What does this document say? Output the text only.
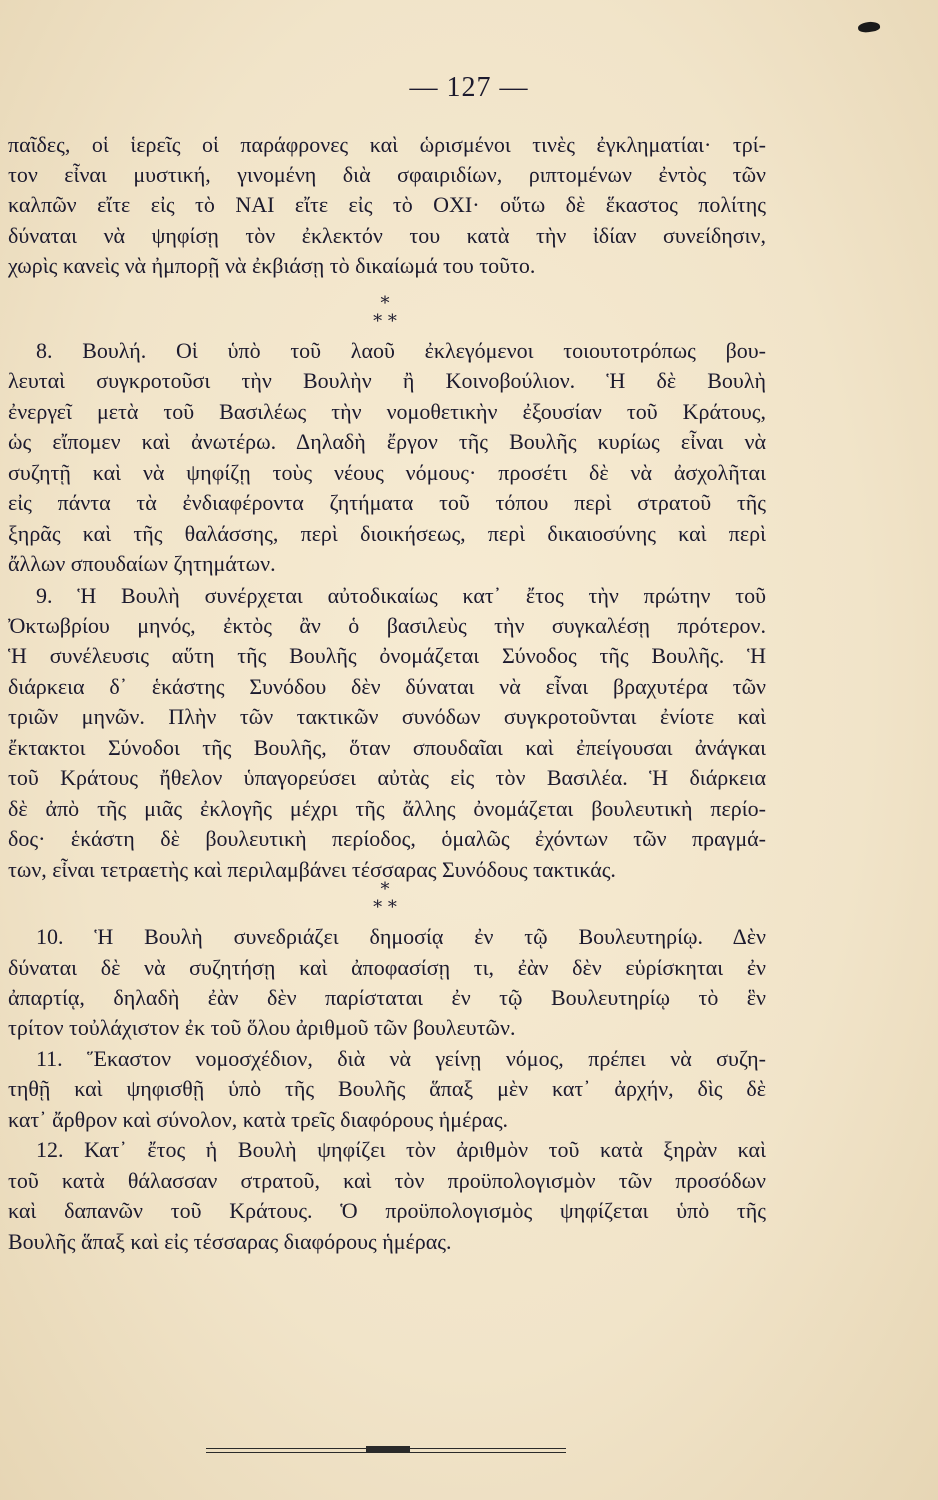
— 127 —
παῖδες, οἱ ἱερεῖς οἱ παράφρονες καὶ ὡρισμένοι τινὲς ἐγκληματίαι· τρί-
τον εἶναι μυστική, γινομένη διὰ σφαιριδίων, ριπτομένων ἐντὸς τῶν
καλπῶν εἴτε εἰς τὸ ΝΑΙ εἴτε εἰς τὸ ΟΧΙ· οὕτω δὲ ἕκαστος πολίτης
δύναται νὰ ψηφίσῃ τὸν ἐκλεκτόν του κατὰ τὴν ἰδίαν συνείδησιν,
χωρὶς κανεὶς νὰ ἠμπορῇ νὰ ἐκβιάσῃ τὸ δικαίωμά του τοῦτο.
*
* *
8. Βουλή. Οἱ ὑπὸ τοῦ λαοῦ ἐκλεγόμενοι τοιουτοτρόπως βου-
λευταὶ συγκροτοῦσι τὴν Βουλὴν ἢ Κοινοβούλιον. Ἡ δὲ Βουλὴ
ἐνεργεῖ μετὰ τοῦ Βασιλέως τὴν νομοθετικὴν ἐξουσίαν τοῦ Κράτους,
ὡς εἴπομεν καὶ ἀνωτέρω. Δηλαδὴ ἔργον τῆς Βουλῆς κυρίως εἶναι νὰ
συζητῇ καὶ νὰ ψηφίζῃ τοὺς νέους νόμους· προσέτι δὲ νὰ ἀσχολῆται
εἰς πάντα τὰ ἐνδιαφέροντα ζητήματα τοῦ τόπου περὶ στρατοῦ τῆς
ξηρᾶς καὶ τῆς θαλάσσης, περὶ διοικήσεως, περὶ δικαιοσύνης καὶ περὶ
ἄλλων σπουδαίων ζητημάτων.
9. Ἡ Βουλὴ συνέρχεται αὐτοδικαίως κατ᾽ ἔτος τὴν πρώτην τοῦ
Ὀκτωβρίου μηνός, ἐκτὸς ἂν ὁ βασιλεὺς τὴν συγκαλέσῃ πρότερον.
Ἡ συνέλευσις αὕτη τῆς Βουλῆς ὀνομάζεται Σύνοδος τῆς Βουλῆς. Ἡ
διάρκεια δ᾽ ἑκάστης Συνόδου δὲν δύναται νὰ εἶναι βραχυτέρα τῶν
τριῶν μηνῶν. Πλὴν τῶν τακτικῶν συνόδων συγκροτοῦνται ἐνίοτε καὶ
ἔκτακτοι Σύνοδοι τῆς Βουλῆς, ὅταν σπουδαῖαι καὶ ἐπείγουσαι ἀνάγκαι
τοῦ Κράτους ἤθελον ὑπαγορεύσει αὐτὰς εἰς τὸν Βασιλέα. Ἡ διάρκεια
δὲ ἀπὸ τῆς μιᾶς ἐκλογῆς μέχρι τῆς ἄλλης ὀνομάζεται βουλευτικὴ περίο-
δος· ἑκάστη δὲ βουλευτικὴ περίοδος, ὁμαλῶς ἐχόντων τῶν πραγμά-
των, εἶναι τετραετὴς καὶ περιλαμβάνει τέσσαρας Συνόδους τακτικάς.
*
* *
10. Ἡ Βουλὴ συνεδριάζει δημοσίᾳ ἐν τῷ Βουλευτηρίῳ. Δὲν
δύναται δὲ νὰ συζητήσῃ καὶ ἀποφασίσῃ τι, ἐὰν δὲν εὑρίσκηται ἐν
ἀπαρτίᾳ, δηλαδὴ ἐὰν δὲν παρίσταται ἐν τῷ Βουλευτηρίῳ τὸ ἓν
τρίτον τοὐλάχιστον ἐκ τοῦ ὅλου ἀριθμοῦ τῶν βουλευτῶν.
11. Ἕκαστον νομοσχέδιον, διὰ νὰ γείνῃ νόμος, πρέπει νὰ συζη-
τηθῇ καὶ ψηφισθῇ ὑπὸ τῆς Βουλῆς ἅπαξ μὲν κατ᾽ ἀρχήν, δὶς δὲ
κατ᾽ ἄρθρον καὶ σύνολον, κατὰ τρεῖς διαφόρους ἡμέρας.
12. Κατ᾽ ἔτος ἡ Βουλὴ ψηφίζει τὸν ἀριθμὸν τοῦ κατὰ ξηρὰν καὶ
τοῦ κατὰ θάλασσαν στρατοῦ, καὶ τὸν προϋπολογισμὸν τῶν προσόδων
καὶ δαπανῶν τοῦ Κράτους. Ὁ προϋπολογισμὸς ψηφίζεται ὑπὸ τῆς
Βουλῆς ἅπαξ καὶ εἰς τέσσαρας διαφόρους ἡμέρας.
